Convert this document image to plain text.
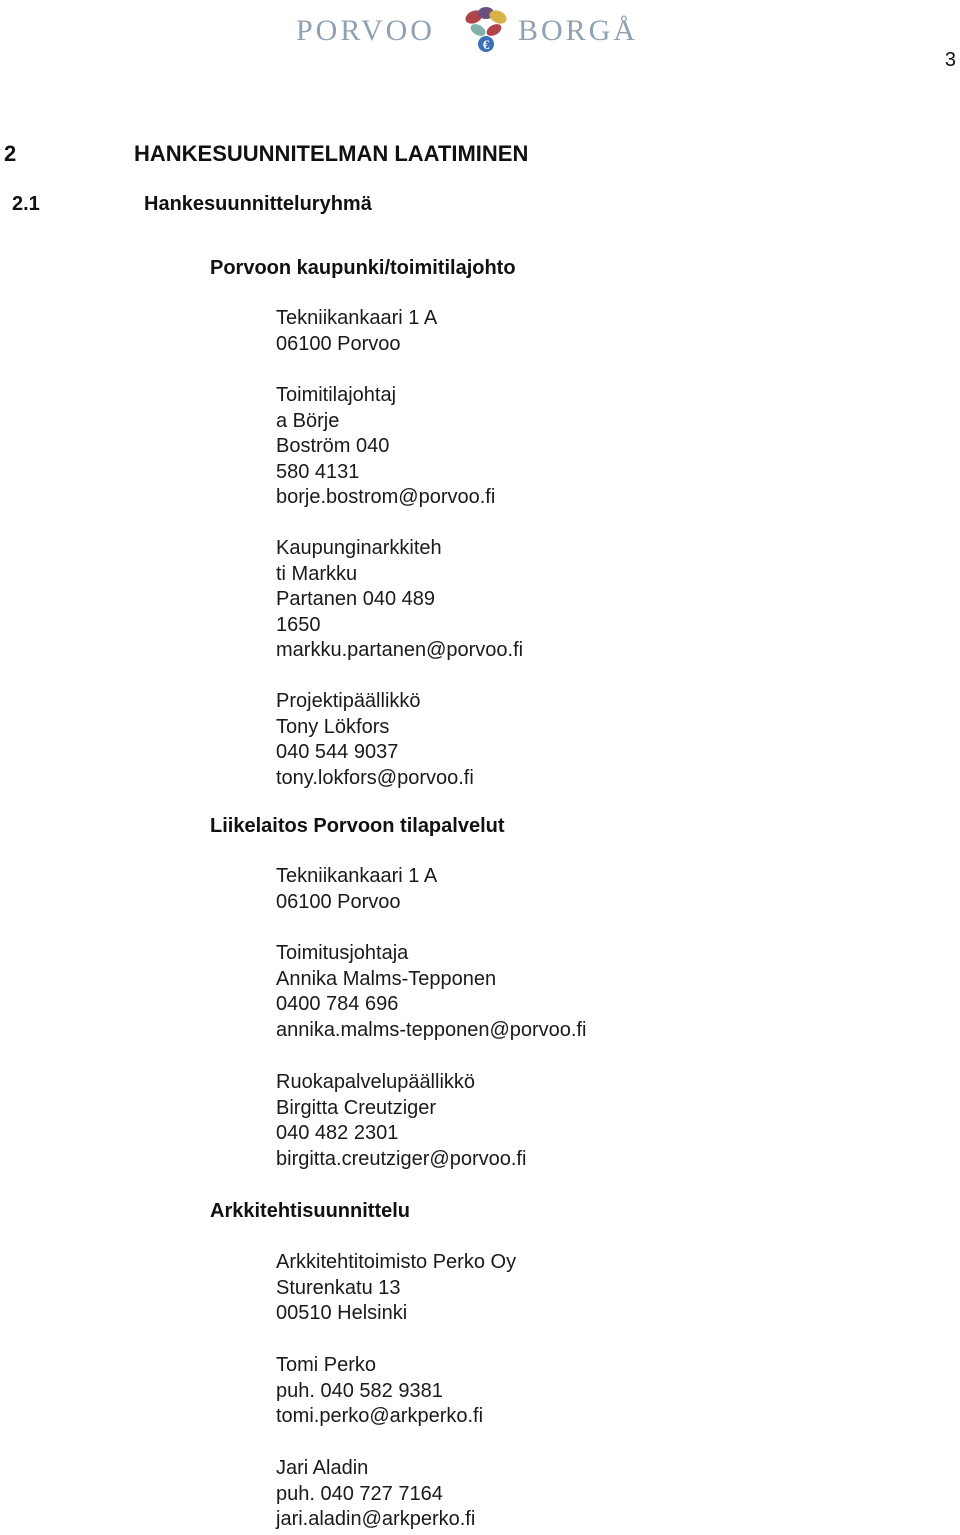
PORVOO	€ BORGÅ
3
2	HANKESUUNNITELMAN LAATIMINEN
2.1	Hankesuunnitteluryhmä
Porvoon kaupunki/toimitilajohto
Tekniikankaari 1 A
06100 Porvoo
Toimitilajohtaj
a Börje
Boström 040
580 4131
borje.bostrom@porvoo.fi
Kaupunginarkkiteh
ti Markku
Partanen 040 489
1650
markku.partanen@porvoo.fi
Projektipäällikkö
Tony Lökfors
040 544 9037
tony.lokfors@porvoo.fi
Liikelaitos Porvoon tilapalvelut
Tekniikankaari 1 A
06100 Porvoo
Toimitusjohtaja
Annika Malms-Tepponen
0400 784 696
annika.malms-tepponen@porvoo.fi
Ruokapalvelupäällikkö
Birgitta Creutziger
040 482 2301
birgitta.creutziger@porvoo.fi
Arkkitehtisuunnittelu
Arkkitehtitoimisto Perko Oy
Sturenkatu 13
00510 Helsinki
Tomi Perko
puh. 040 582 9381
tomi.perko@arkperko.fi
Jari Aladin
puh. 040 727 7164
jari.aladin@arkperko.fi
